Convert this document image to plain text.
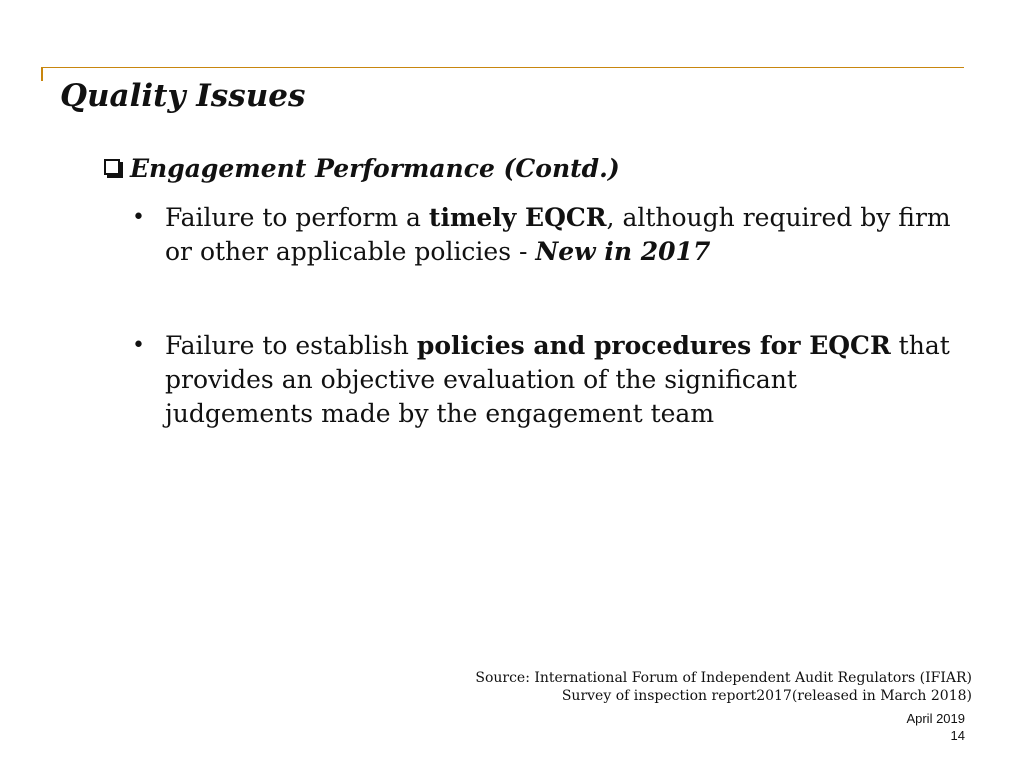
Quality Issues
Engagement Performance (Contd.)
• Failure to perform a timely EQCR, although required by firm or other applicable policies - New in 2017
• Failure to establish policies and procedures for EQCR that provides an objective evaluation of the significant judgements made by the engagement team
Source: International Forum of Independent Audit Regulators (IFIAR)
Survey of inspection report2017(released in March 2018)
April 2019
14
